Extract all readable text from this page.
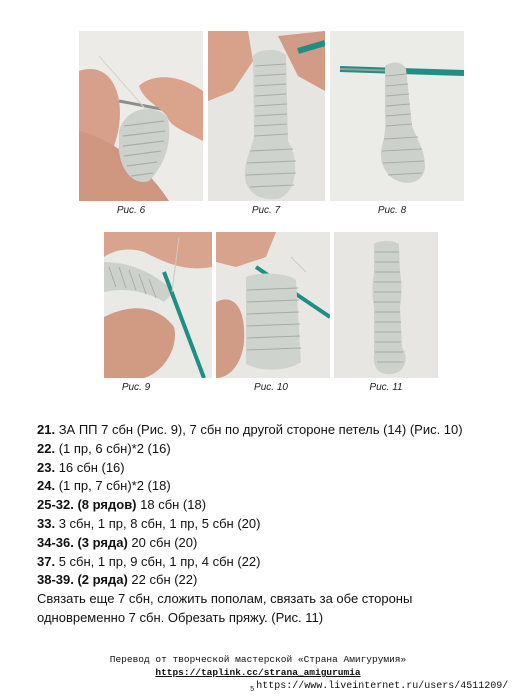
Рис. 6	Рис. 7	Рис. 8
Рис. 9	Рис. 10	Рис. 11
21. ЗА ПП 7 сбн (Рис. 9), 7 сбн по другой стороне петель (14) (Рис. 10)
22. (1 пр, 6 сбн)*2 (16)
23. 16 сбн (16)
24. (1 пр, 7 сбн)*2 (18)
25-32. (8 рядов) 18 сбн (18)
33. 3 сбн, 1 пр, 8 сбн, 1 пр, 5 сбн (20)
34-36. (3 ряда) 20 сбн (20)
37. 5 сбн, 1 пр, 9 сбн, 1 пр, 4 сбн (22)
38-39. (2 ряда) 22 сбн (22)
Связать еще 7 сбн, сложить пополам, связать за обе стороны одновременно 7 сбн. Обрезать пряжу. (Рис. 11)
Перевод от творческой мастерской «Страна Амигурумия»
https://taplink.cc/strana_amigurumia
$_5$ https://www.liveinternet.ru/users/4511209/
